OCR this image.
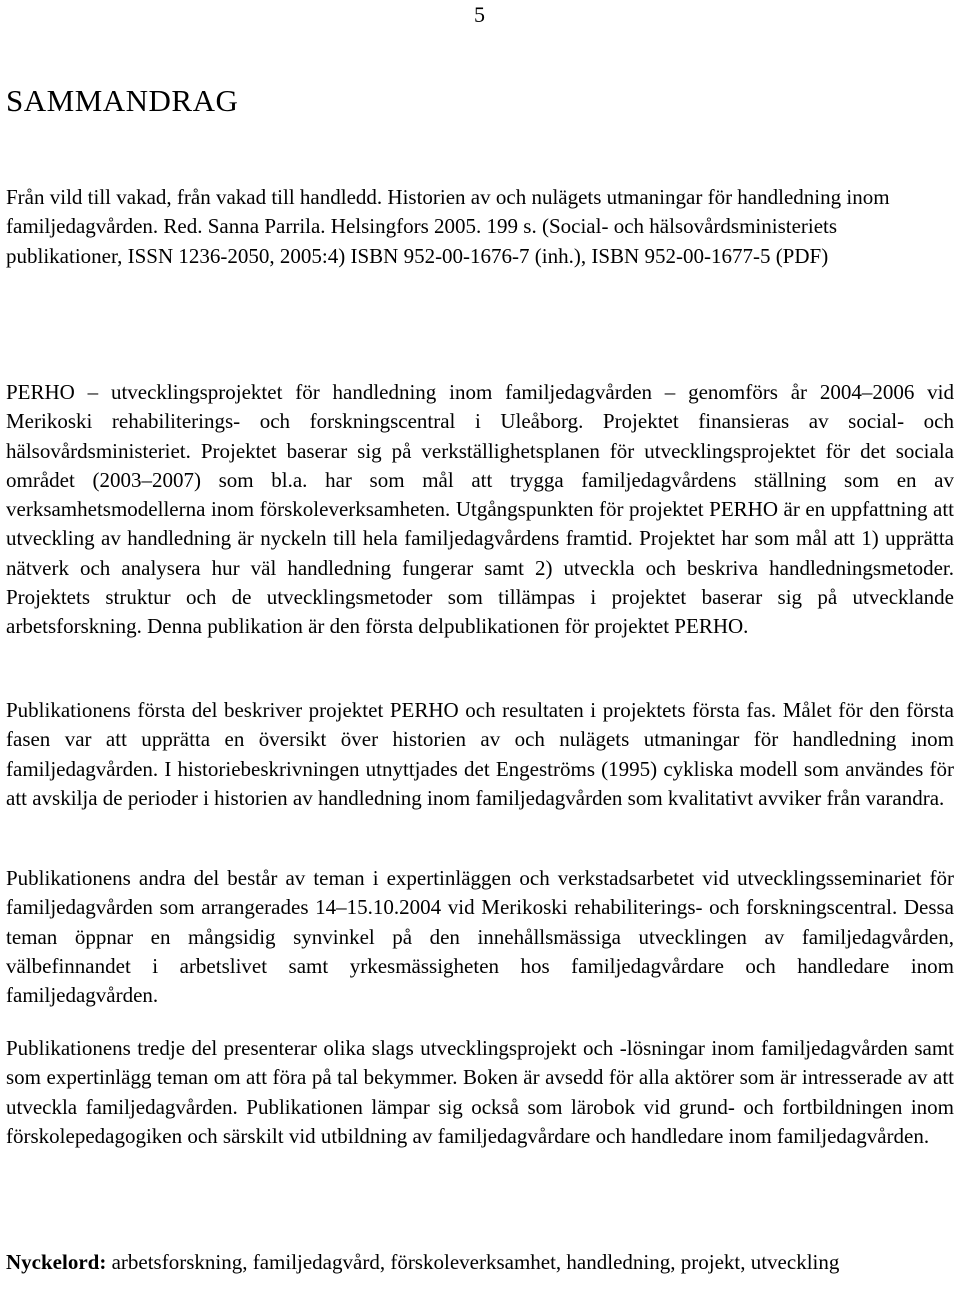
5
SAMMANDRAG

Från vild till vakad, från vakad till handledd. Historien av och nulägets utmaningar för handledning inom familjedagvården. Red. Sanna Parrila. Helsingfors 2005. 199 s. (Social- och hälsovårdsministeriets publikationer, ISSN 1236-2050, 2005:4) ISBN 952-00-1676-7 (inh.), ISBN 952-00-1677-5 (PDF)

PERHO – utvecklingsprojektet för handledning inom familjedagvården – genomförs år 2004–2006 vid Merikoski rehabiliterings- och forskningscentral i Uleåborg. Projektet finansieras av social- och hälsovårdsministeriet. Projektet baserar sig på verkställighetsplanen för utvecklingsprojektet för det sociala området (2003–2007) som bl.a. har som mål att trygga familjedagvårdens ställning som en av verksamhetsmodellerna inom förskoleverksamheten. Utgångspunkten för projektet PERHO är en uppfattning att utveckling av handledning är nyckeln till hela familjedagvårdens framtid. Projektet har som mål att 1) upprätta nätverk och analysera hur väl handledning fungerar samt 2) utveckla och beskriva handledningsmetoder. Projektets struktur och de utvecklingsmetoder som tillämpas i projektet baserar sig på utvecklande arbetsforskning. Denna publikation är den första delpublikationen för projektet PERHO.

Publikationens första del beskriver projektet PERHO och resultaten i projektets första fas. Målet för den första fasen var att upprätta en översikt över historien av och nulägets utmaningar för handledning inom familjedagvården. I historiebeskrivningen utnyttjades det Engeströms (1995) cykliska modell som användes för att avskilja de perioder i historien av handledning inom familjedagvården som kvalitativt avviker från varandra.

Publikationens andra del består av teman i expertinläggen och verkstadsarbetet vid utvecklingsseminariet för familjedagvården som arrangerades 14–15.10.2004 vid Merikoski rehabiliterings- och forskningscentral. Dessa teman öppnar en mångsidig synvinkel på den innehållsmässiga utvecklingen av familjedagvården, välbefinnandet i arbetslivet samt yrkesmässigheten hos familjedagvårdare och handledare inom familjedagvården.

Publikationens tredje del presenterar olika slags utvecklingsprojekt och -lösningar inom familjedagvården samt som expertinlägg teman om att föra på tal bekymmer. Boken är avsedd för alla aktörer som är intresserade av att utveckla familjedagvården. Publikationen lämpar sig också som lärobok vid grund- och fortbildningen inom förskolepedagogiken och särskilt vid utbildning av familjedagvårdare och handledare inom familjedagvården.

Nyckelord: arbetsforskning, familjedagvård, förskoleverksamhet, handledning, projekt, utveckling
